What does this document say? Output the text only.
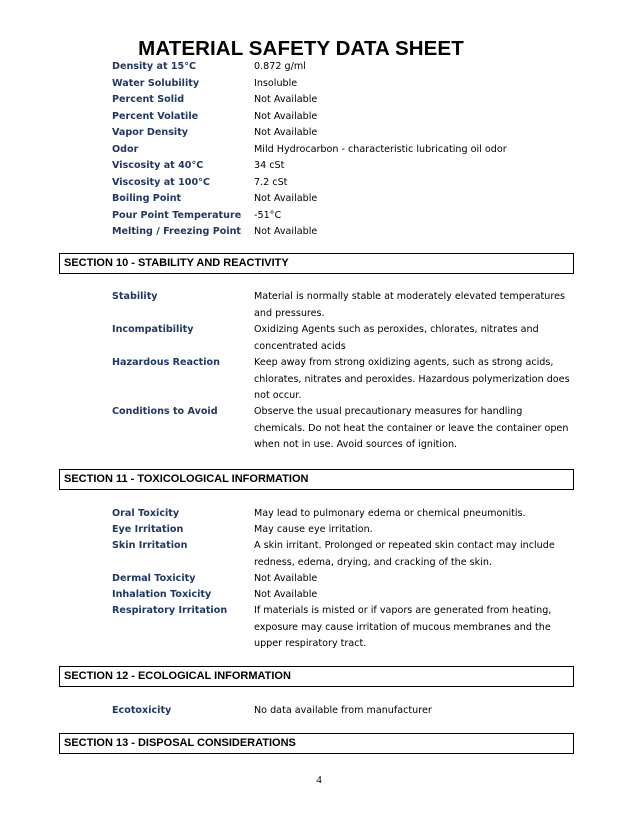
MATERIAL SAFETY DATA SHEET
Density at 15°C	0.872 g/ml
Water Solubility	Insoluble
Percent Solid	Not Available
Percent Volatile	Not Available
Vapor Density	Not Available
Odor	Mild Hydrocarbon - characteristic lubricating oil odor
Viscosity at 40°C	34 cSt
Viscosity at 100°C	7.2 cSt
Boiling Point	Not Available
Pour Point Temperature -51°C
Melting / Freezing Point Not Available
SECTION 10 - STABILITY AND REACTIVITY
Stability	Material is normally stable at moderately elevated temperatures and pressures.
Incompatibility	Oxidizing Agents such as peroxides, chlorates, nitrates and concentrated acids
Hazardous Reaction	Keep away from strong oxidizing agents, such as strong acids, chlorates, nitrates and peroxides. Hazardous polymerization does not occur.
Conditions to Avoid	Observe the usual precautionary measures for handling chemicals. Do not heat the container or leave the container open when not in use. Avoid sources of ignition.
SECTION 11 - TOXICOLOGICAL INFORMATION
Oral Toxicity	May lead to pulmonary edema or chemical pneumonitis.
Eye Irritation	May cause eye irritation.
Skin Irritation	A skin irritant. Prolonged or repeated skin contact may include redness, edema, drying, and cracking of the skin.
Dermal Toxicity	Not Available
Inhalation Toxicity	Not Available
Respiratory Irritation	If materials is misted or if vapors are generated from heating, exposure may cause irritation of mucous membranes and the upper respiratory tract.
SECTION 12 - ECOLOGICAL INFORMATION
Ecotoxicity	No data available from manufacturer
SECTION 13 - DISPOSAL CONSIDERATIONS
4
